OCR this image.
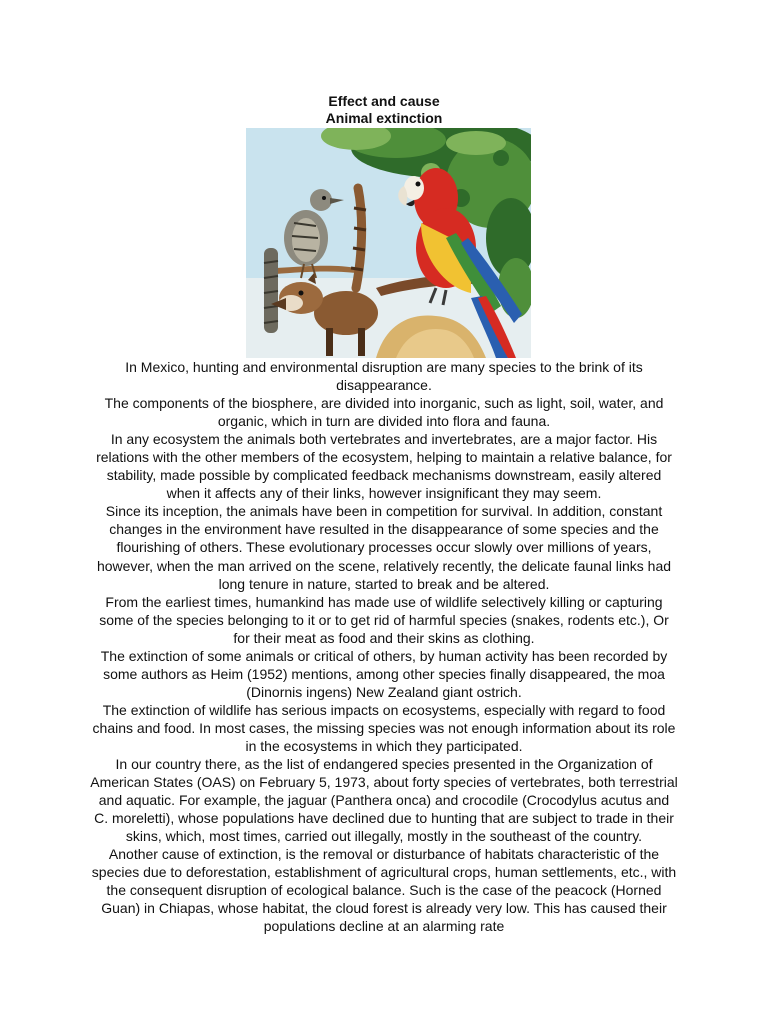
Effect and cause
Animal extinction

In Mexico, hunting and environmental disruption are many species to the brink of its disappearance.

The components of the biosphere, are divided into inorganic, such as light, soil, water, and organic, which in turn are divided into flora and fauna.

In any ecosystem the animals both vertebrates and invertebrates, are a major factor. His relations with the other members of the ecosystem, helping to maintain a relative balance, for stability, made possible by complicated feedback mechanisms downstream, easily altered when it affects any of their links, however insignificant they may seem.

Since its inception, the animals have been in competition for survival. In addition, constant changes in the environment have resulted in the disappearance of some species and the flourishing of others. These evolutionary processes occur slowly over millions of years, however, when the man arrived on the scene, relatively recently, the delicate faunal links had long tenure in nature, started to break and be altered.

From the earliest times, humankind has made use of wildlife selectively killing or capturing some of the species belonging to it or to get rid of harmful species (snakes, rodents etc.), Or for their meat as food and their skins as clothing.

The extinction of some animals or critical of others, by human activity has been recorded by some authors as Heim (1952) mentions, among other species finally disappeared, the moa (Dinornis ingens) New Zealand giant ostrich.

The extinction of wildlife has serious impacts on ecosystems, especially with regard to food chains and food. In most cases, the missing species was not enough information about its role in the ecosystems in which they participated.

In our country there, as the list of endangered species presented in the Organization of American States (OAS) on February 5, 1973, about forty species of vertebrates, both terrestrial and aquatic. For example, the jaguar (Panthera onca) and crocodile (Crocodylus acutus and C. moreletti), whose populations have declined due to hunting that are subject to trade in their skins, which, most times, carried out illegally, mostly in the southeast of the country.

Another cause of extinction, is the removal or disturbance of habitats characteristic of the species due to deforestation, establishment of agricultural crops, human settlements, etc., with the consequent disruption of ecological balance. Such is the case of the peacock (Horned Guan) in Chiapas, whose habitat, the cloud forest is already very low. This has caused their populations decline at an alarming rate
